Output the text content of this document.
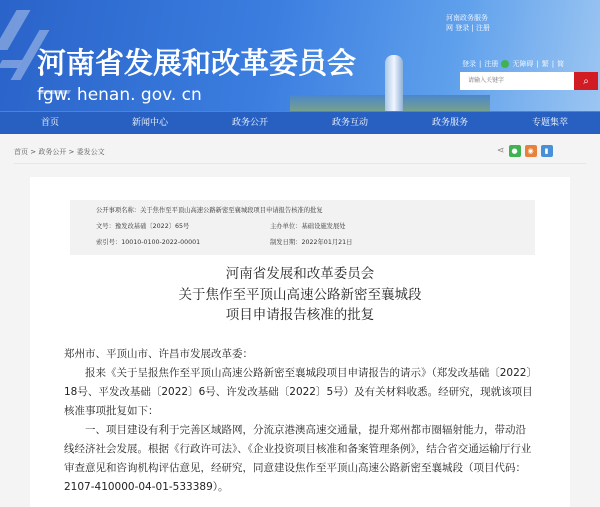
河南省发展和改革委员会
fgw. henan. gov. cn
河南政务服务
网 登录 | 注册
登录 | 注册 无障碍 | 繁 | 简
请输入关键字
⌕
首页	新闻中心	政务公开	政务互动	政务服务	专题集萃
首页 > 政务公开 > 委发公文	⋖ ●	◉	▮
公开事项名称：关于焦作至平顶山高速公路新密至襄城段项目申请报告核准的批复
文号：豫发改基础〔2022〕65号	主办单位：基础设施发展处
索引号：10010-0100-2022-00001	制发日期：2022年01月21日
河南省发展和改革委员会
关于焦作至平顶山高速公路新密至襄城段
项目申请报告核准的批复

郑州市、平顶山市、许昌市发展改革委：

报来《关于呈报焦作至平顶山高速公路新密至襄城段项目申请报告的请示》（郑发改基础〔2022〕18号、平发改基础〔2022〕6号、许发改基础〔2022〕5号）及有关材料收悉。经研究，现就该项目核准事项批复如下：

一、项目建设有利于完善区域路网，分流京港澳高速交通量，提升郑州都市圈辐射能力，带动沿线经济社会发展。根据《行政许可法》、《企业投资项目核准和备案管理条例》，结合省交通运输厅行业审查意见和咨询机构评估意见，经研究，同意建设焦作至平顶山高速公路新密至襄城段（项目代码：2107-410000-04-01-533389）。
